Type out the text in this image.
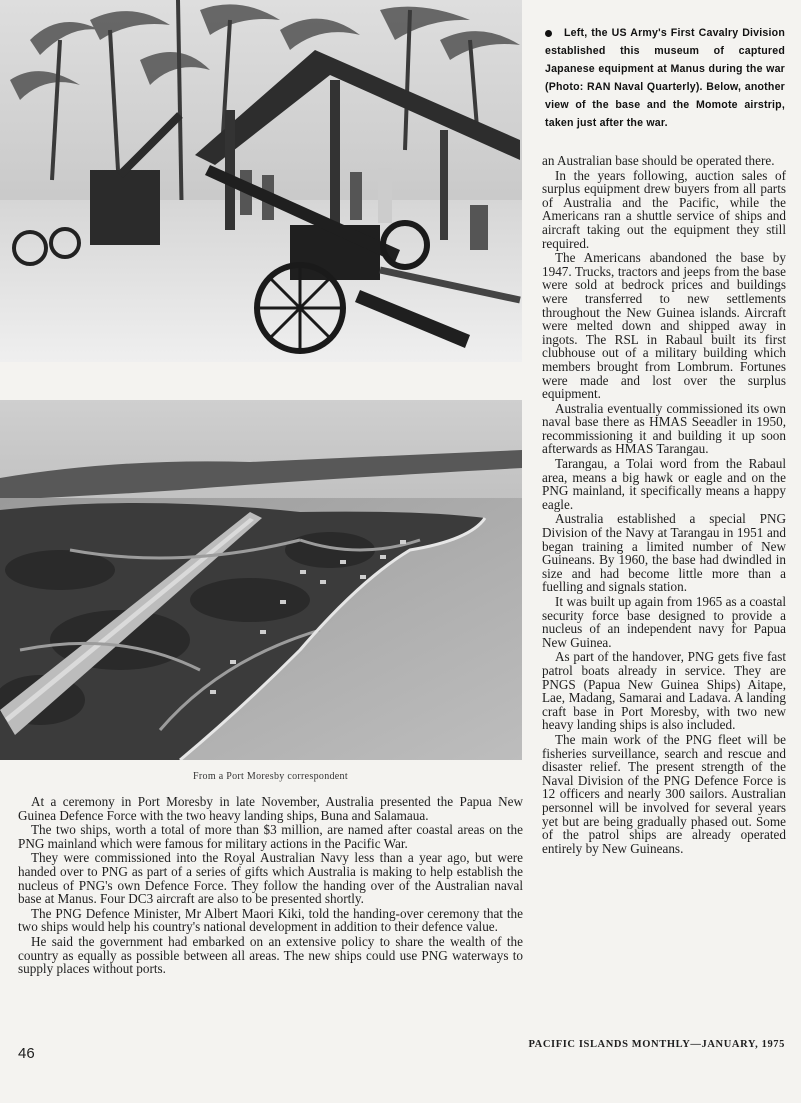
Left, the US Army's First Cavalry Division established this museum of captured Japanese equipment at Manus during the war (Photo: RAN Naval Quarterly). Below, another view of the base and the Momote airstrip, taken just after the war.

an Australian base should be operated there.

In the years following, auction sales of surplus equipment drew buyers from all parts of Australia and the Pacific, while the Americans ran a shuttle service of ships and aircraft taking out the equipment they still required.

The Americans abandoned the base by 1947. Trucks, tractors and jeeps from the base were sold at bedrock prices and buildings were transferred to new settlements throughout the New Guinea islands. Aircraft were melted down and shipped away in ingots. The RSL in Rabaul built its first clubhouse out of a military building which members brought from Lombrum. Fortunes were made and lost over the surplus equipment.

Australia eventually commissioned its own naval base there as HMAS Seeadler in 1950, recommissioning it and building it up soon afterwards as HMAS Tarangau.

Tarangau, a Tolai word from the Rabaul area, means a big hawk or eagle and on the PNG mainland, it specifically means a happy eagle.

Australia established a special PNG Division of the Navy at Tarangau in 1951 and began training a limited number of New Guineans. By 1960, the base had dwindled in size and had become little more than a fuelling and signals station.

It was built up again from 1965 as a coastal security force base designed to provide a nucleus of an independent navy for Papua New Guinea.

As part of the handover, PNG gets five fast patrol boats already in service. They are PNGS (Papua New Guinea Ships) Aitape, Lae, Madang, Samarai and Ladava. A landing craft base in Port Moresby, with two new heavy landing ships is also included.

The main work of the PNG fleet will be fisheries surveillance, search and rescue and disaster relief. The present strength of the Naval Division of the PNG Defence Force is 12 officers and nearly 300 sailors. Australian personnel will be involved for several years yet but are being gradually phased out. Some of the patrol ships are already operated entirely by New Guineans.

From a Port Moresby correspondent

At a ceremony in Port Moresby in late November, Australia presented the Papua New Guinea Defence Force with the two heavy landing ships, Buna and Salamaua.

The two ships, worth a total of more than $3 million, are named after coastal areas on the PNG mainland which were famous for military actions in the Pacific War.

They were commissioned into the Royal Australian Navy less than a year ago, but were handed over to PNG as part of a series of gifts which Australia is making to help establish the nucleus of PNG's own Defence Force. They follow the handing over of the Australian naval base at Manus. Four DC3 aircraft are also to be presented shortly.

The PNG Defence Minister, Mr Albert Maori Kiki, told the handing-over ceremony that the two ships would help his country's national development in addition to their defence value.

He said the government had embarked on an extensive policy to share the wealth of the country as equally as possible between all areas. The new ships could use PNG waterways to supply places without ports.

46
PACIFIC ISLANDS MONTHLY—JANUARY, 1975
